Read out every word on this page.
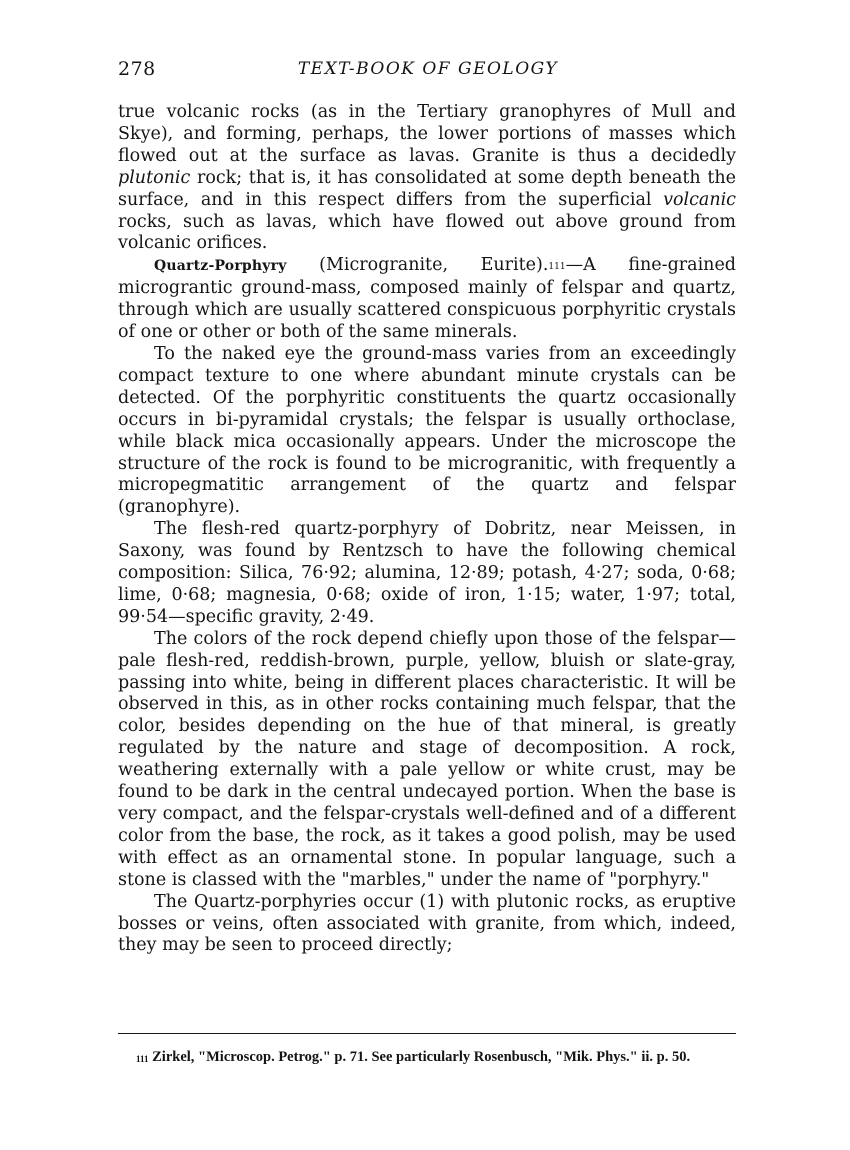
278	TEXT-BOOK OF GEOLOGY

true volcanic rocks (as in the Tertiary granophyres of Mull and Skye), and forming, perhaps, the lower portions of masses which flowed out at the surface as lavas. Granite is thus a decidedly plutonic rock; that is, it has consolidated at some depth beneath the surface, and in this respect differs from the superficial volcanic rocks, such as lavas, which have flowed out above ground from volcanic orifices.

Quartz-Porphyry (Microgranite, Eurite).$^{111}$—A fine-grained micrograntic ground-mass, composed mainly of felspar and quartz, through which are usually scattered conspicuous porphyritic crystals of one or other or both of the same minerals.

To the naked eye the ground-mass varies from an exceedingly compact texture to one where abundant minute crystals can be detected. Of the porphyritic constituents the quartz occasionally occurs in bi-pyramidal crystals; the felspar is usually orthoclase, while black mica occasionally appears. Under the microscope the structure of the rock is found to be microgranitic, with frequently a micropegmatitic arrangement of the quartz and felspar (granophyre).

The flesh-red quartz-porphyry of Dobritz, near Meissen, in Saxony, was found by Rentzsch to have the following chemical composition: Silica, 76·92; alumina, 12·89; potash, 4·27; soda, 0·68; lime, 0·68; magnesia, 0·68; oxide of iron, 1·15; water, 1·97; total, 99·54—specific gravity, 2·49.

The colors of the rock depend chiefly upon those of the felspar—pale flesh-red, reddish-brown, purple, yellow, bluish or slate-gray, passing into white, being in different places characteristic. It will be observed in this, as in other rocks containing much felspar, that the color, besides depending on the hue of that mineral, is greatly regulated by the nature and stage of decomposition. A rock, weathering externally with a pale yellow or white crust, may be found to be dark in the central undecayed portion. When the base is very compact, and the felspar-crystals well-defined and of a different color from the base, the rock, as it takes a good polish, may be used with effect as an ornamental stone. In popular language, such a stone is classed with the "marbles," under the name of "porphyry."

The Quartz-porphyries occur (1) with plutonic rocks, as eruptive bosses or veins, often associated with granite, from which, indeed, they may be seen to proceed directly;

$^{111}$ Zirkel, "Microscop. Petrog." p. 71. See particularly Rosenbusch, "Mik. Phys." ii. p. 50.
